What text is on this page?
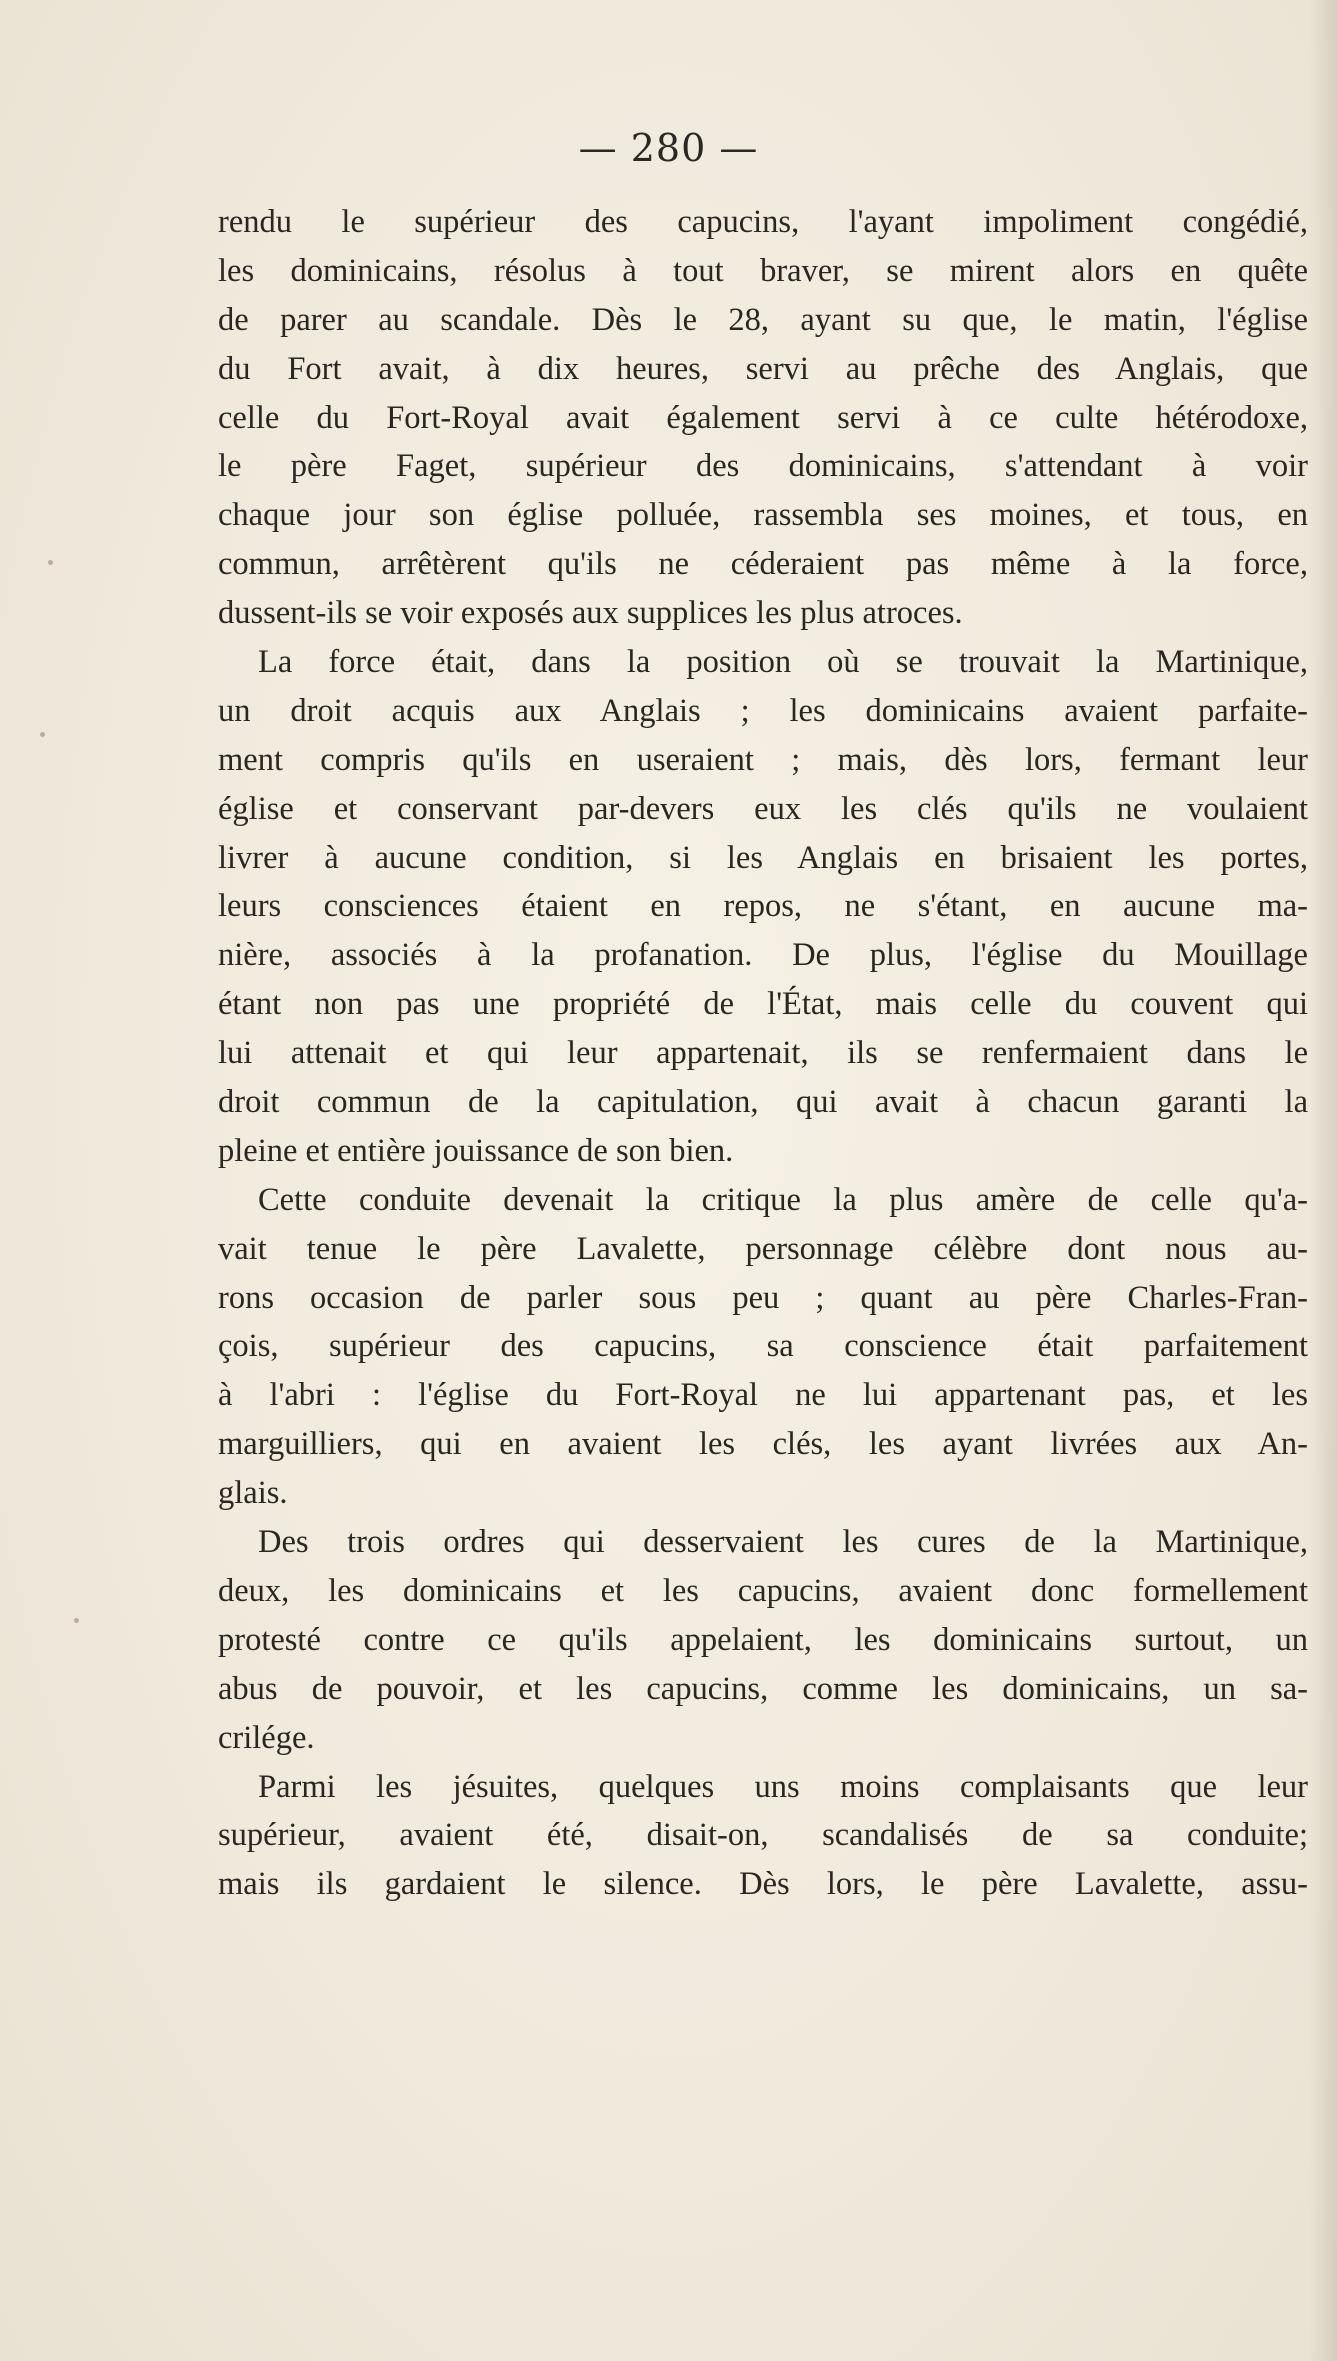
— 280 —
rendu le supérieur des capucins, l'ayant impoliment congédié,
les dominicains, résolus à tout braver, se mirent alors en quête
de parer au scandale. Dès le 28, ayant su que, le matin, l'église
du Fort avait, à dix heures, servi au prêche des Anglais, que
celle du Fort-Royal avait également servi à ce culte hétérodoxe,
le père Faget, supérieur des dominicains, s'attendant à voir
chaque jour son église polluée, rassembla ses moines, et tous, en
commun, arrêtèrent qu'ils ne céderaient pas même à la force,
dussent-ils se voir exposés aux supplices les plus atroces.
La force était, dans la position où se trouvait la Martinique,
un droit acquis aux Anglais ; les dominicains avaient parfaite-
ment compris qu'ils en useraient ; mais, dès lors, fermant leur
église et conservant par-devers eux les clés qu'ils ne voulaient
livrer à aucune condition, si les Anglais en brisaient les portes,
leurs consciences étaient en repos, ne s'étant, en aucune ma-
nière, associés à la profanation. De plus, l'église du Mouillage
étant non pas une propriété de l'État, mais celle du couvent qui
lui attenait et qui leur appartenait, ils se renfermaient dans le
droit commun de la capitulation, qui avait à chacun garanti la
pleine et entière jouissance de son bien.
Cette conduite devenait la critique la plus amère de celle qu'a-
vait tenue le père Lavalette, personnage célèbre dont nous au-
rons occasion de parler sous peu ; quant au père Charles-Fran-
çois, supérieur des capucins, sa conscience était parfaitement
à l'abri : l'église du Fort-Royal ne lui appartenant pas, et les
marguilliers, qui en avaient les clés, les ayant livrées aux An-
glais.
Des trois ordres qui desservaient les cures de la Martinique,
deux, les dominicains et les capucins, avaient donc formellement
protesté contre ce qu'ils appelaient, les dominicains surtout, un
abus de pouvoir, et les capucins, comme les dominicains, un sa-
crilége.
Parmi les jésuites, quelques uns moins complaisants que leur
supérieur, avaient été, disait-on, scandalisés de sa conduite;
mais ils gardaient le silence. Dès lors, le père Lavalette, assu-
